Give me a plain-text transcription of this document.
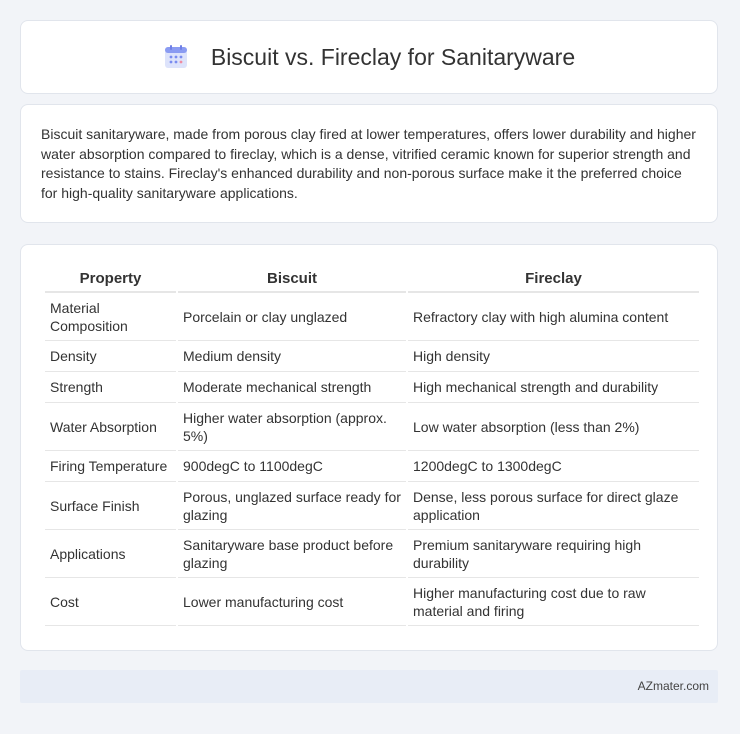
Biscuit vs. Fireclay for Sanitaryware

Biscuit sanitaryware, made from porous clay fired at lower temperatures, offers lower durability and higher water absorption compared to fireclay, which is a dense, vitrified ceramic known for superior strength and resistance to stains. Fireclay's enhanced durability and non-porous surface make it the preferred choice for high-quality sanitaryware applications.

Property	Biscuit	Fireclay
Material Composition	Porcelain or clay unglazed	Refractory clay with high alumina content
Density	Medium density	High density
Strength	Moderate mechanical strength	High mechanical strength and durability
Water Absorption	Higher water absorption (approx. 5%)	Low water absorption (less than 2%)
Firing Temperature	900degC to 1100degC	1200degC to 1300degC
Surface Finish	Porous, unglazed surface ready for glazing	Dense, less porous surface for direct glaze application
Applications	Sanitaryware base product before glazing	Premium sanitaryware requiring high durability
Cost	Lower manufacturing cost	Higher manufacturing cost due to raw material and firing
AZmater.com
